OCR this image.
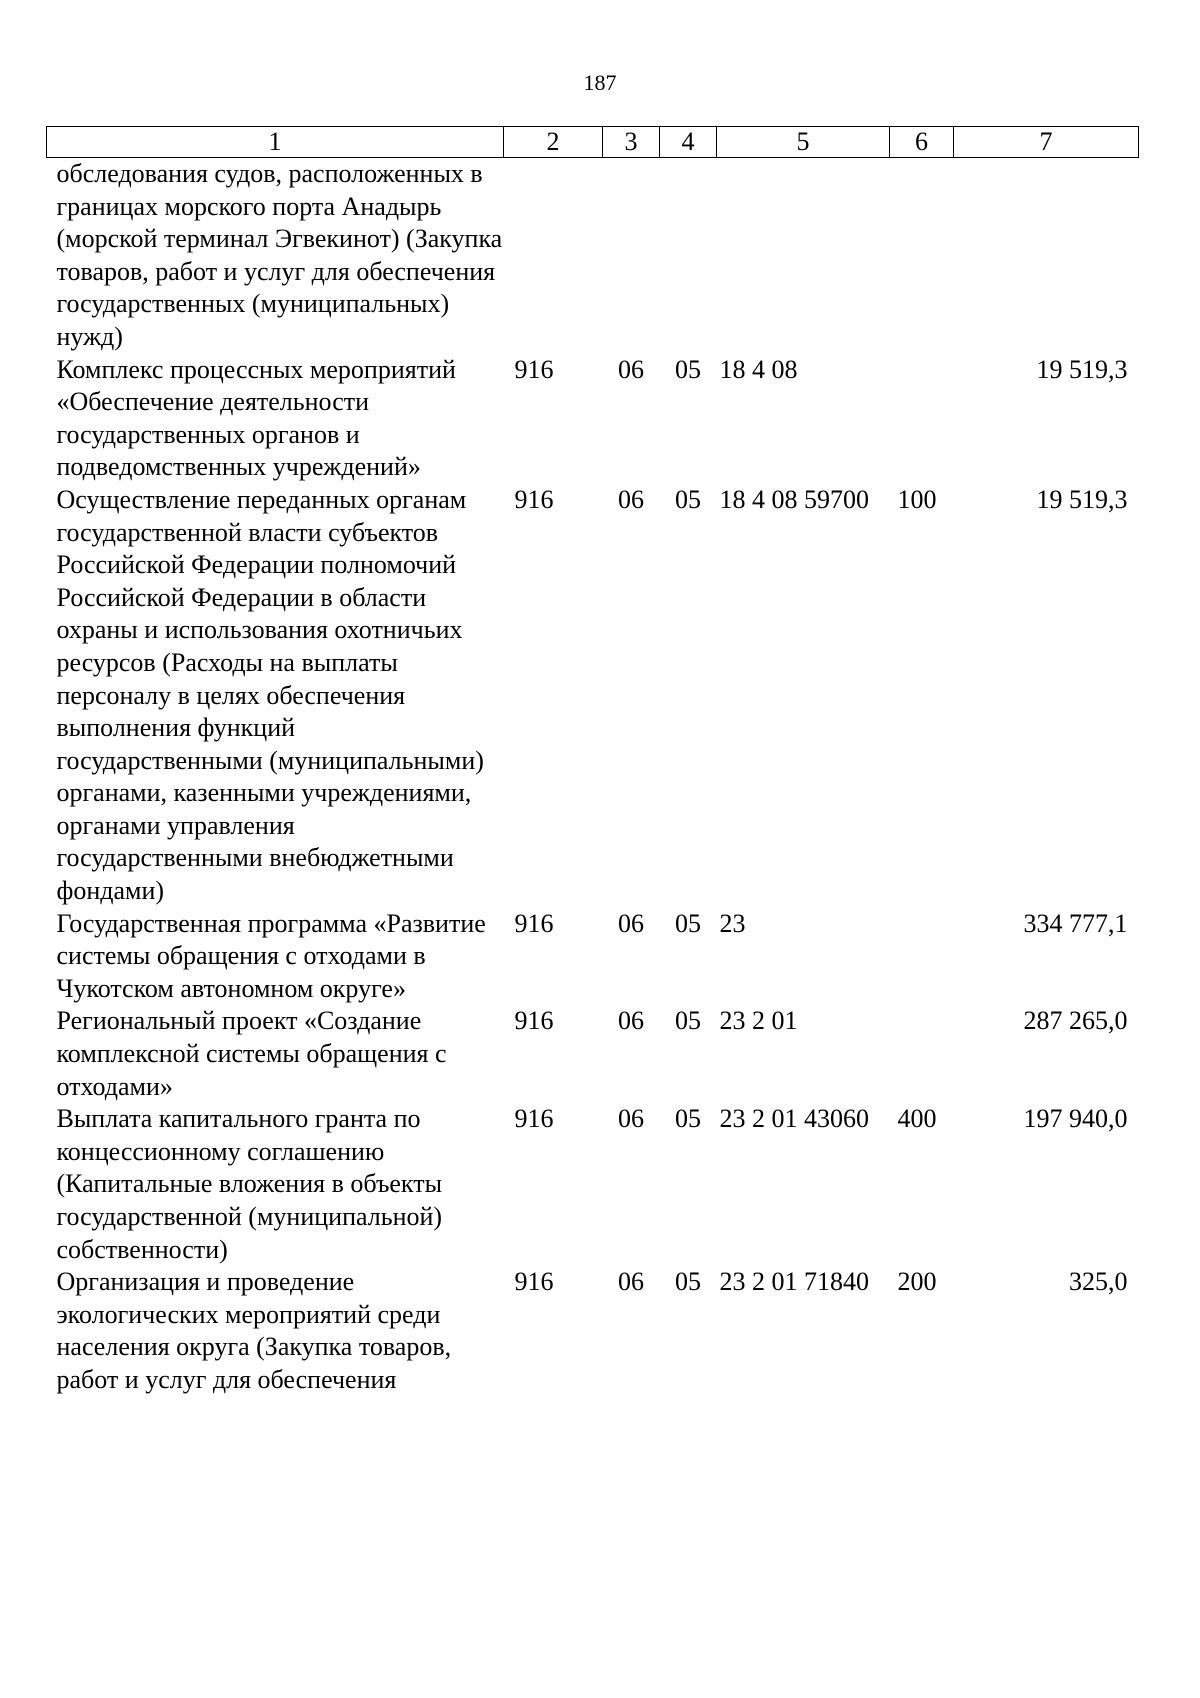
187
1	2	3	4	5	6	7
обследования судов, расположенных в границах морского порта Анадырь (морской терминал Эгвекинот) (Закупка товаров, работ и услуг для обеспечения государственных (муниципальных) нужд)						
Комплекс процессных мероприятий «Обеспечение деятельности государственных органов и подведомственных учреждений»	916	06	05	18 4 08		19 519,3
Осуществление переданных органам государственной власти субъектов Российской Федерации полномочий Российской Федерации в области охраны и использования охотничьих ресурсов (Расходы на выплаты персоналу в целях обеспечения выполнения функций государственными (муниципальными) органами, казенными учреждениями, органами управления государственными внебюджетными фондами)	916	06	05	18 4 08 59700	100	19 519,3
Государственная программа «Развитие системы обращения с отходами в Чукотском автономном округе»	916	06	05	23		334 777,1
Региональный проект «Создание комплексной системы обращения с отходами»	916	06	05	23 2 01		287 265,0
Выплата капитального гранта по концессионному соглашению (Капитальные вложения в объекты государственной (муниципальной) собственности)	916	06	05	23 2 01 43060	400	197 940,0
Организация и проведение экологических мероприятий среди населения округа (Закупка товаров, работ и услуг для обеспечения	916	06	05	23 2 01 71840	200	325,0
